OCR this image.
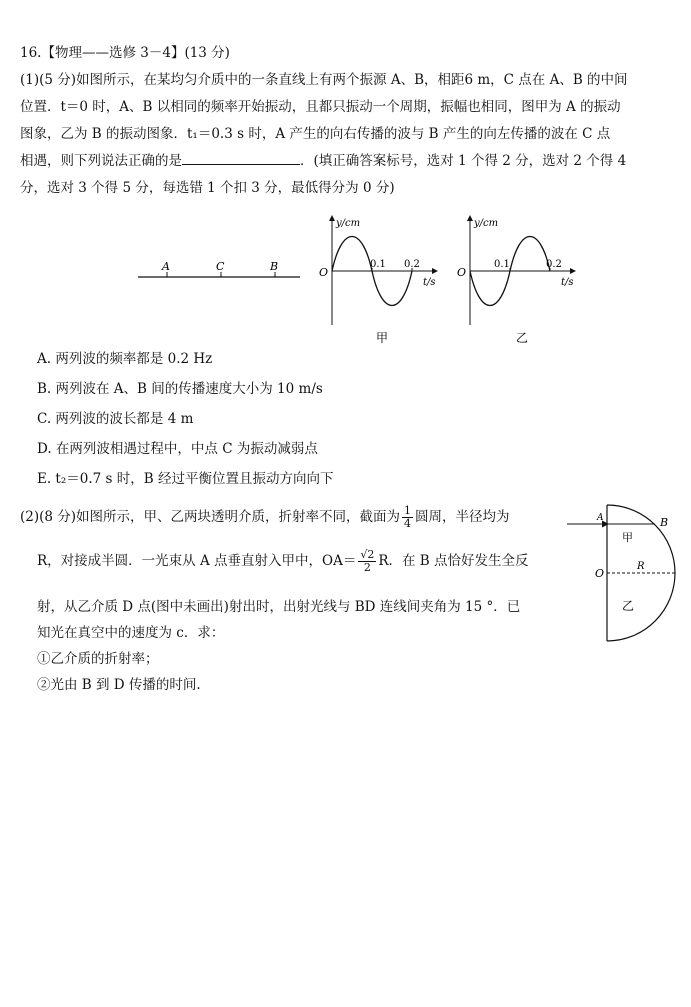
16.【物理——选修 3－4】(13 分)
(1)(5 分)如图所示，在某均匀介质中的一条直线上有两个振源 A、B，相距6 m，C 点在 A、B 的中间
位置．t＝0 时，A、B 以相同的频率开始振动，且都只振动一个周期，振幅也相同，图甲为 A 的振动
图象，乙为 B 的振动图象．t₁＝0.3 s 时，A 产生的向右传播的波与 B 产生的向左传播的波在 C 点
相遇，则下列说法正确的是	．(填正确答案标号，选对 1 个得 2 分，选对 2 个得 4
分，选对 3 个得 5 分，每选错 1 个扣 3 分，最低得分为 0 分)
A	C	B
y/cm
O
0.1 0.2
t/s
甲
y/cm
O
0.1	0.2
t/s
乙
A. 两列波的频率都是 0.2 Hz
B. 两列波在 A、B 间的传播速度大小为 10 m/s
C. 两列波的波长都是 4 m
D. 在两列波相遇过程中，中点 C 为振动减弱点
E. t₂＝0.7 s 时，B 经过平衡位置且振动方向向下
(2)(8 分)如图所示，甲、乙两块透明介质，折射率不同，截面为 $\frac{1}{4}$ 圆周，半径均为
R，对接成半圆．一光束从 A 点垂直射入甲中，$OA= \frac{√2}{2}$ R．在 B 点恰好发生全反
射，从乙介质 D 点(图中未画出)射出时，出射光线与 BD 连线间夹角为 15 °．已
知光在真空中的速度为 c．求：
①乙介质的折射率；
②光由 B 到 D 传播的时间.
A	B
O
R
甲
乙
